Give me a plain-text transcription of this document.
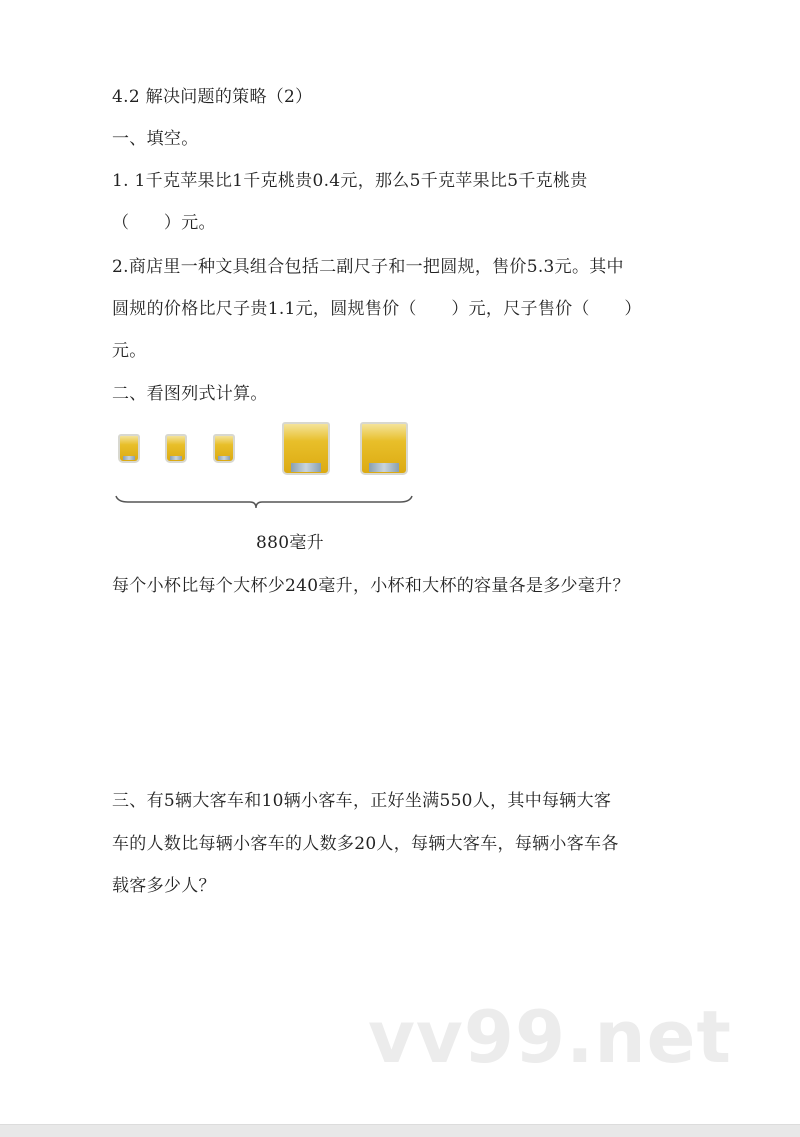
4.2 解决问题的策略（2）
一、填空。
1. 1千克苹果比1千克桃贵0.4元，那么5千克苹果比5千克桃贵
（　　）元。
2.商店里一种文具组合包括二副尺子和一把圆规，售价5.3元。其中
圆规的价格比尺子贵1.1元，圆规售价（　　）元，尺子售价（　　）
元。
二、看图列式计算。
880毫升
每个小杯比每个大杯少240毫升，小杯和大杯的容量各是多少毫升？
三、有5辆大客车和10辆小客车，正好坐满550人，其中每辆大客
车的人数比每辆小客车的人数多20人，每辆大客车，每辆小客车各
载客多少人？
vv99.net
